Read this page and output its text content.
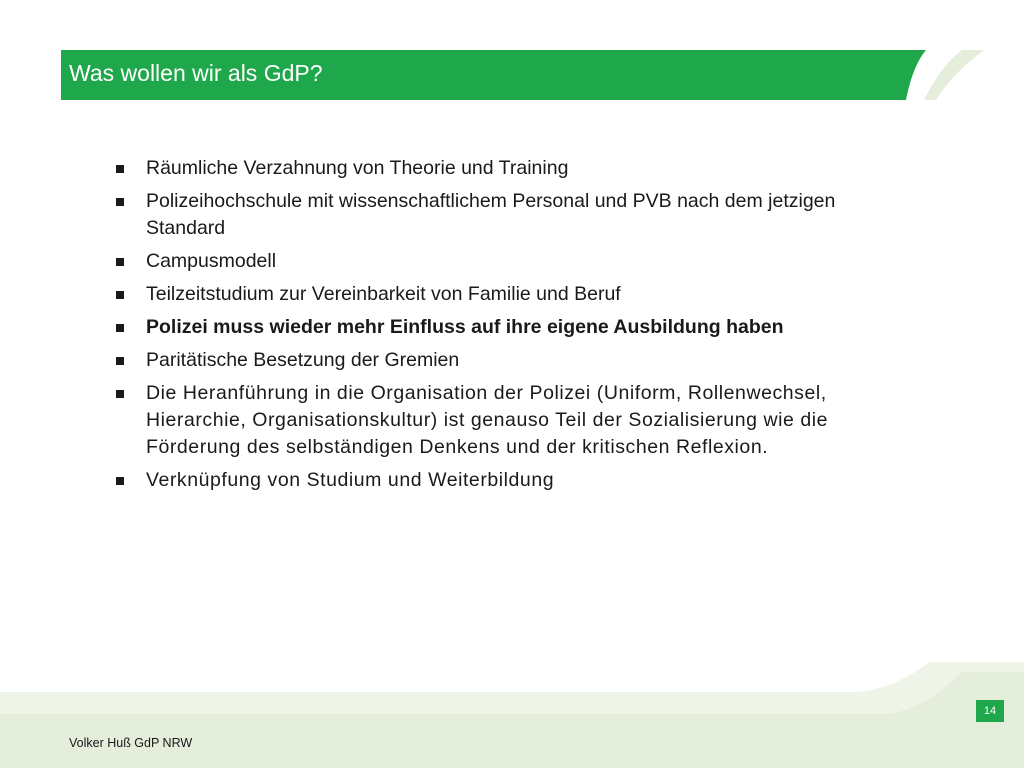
Was wollen wir als GdP?
Räumliche Verzahnung von Theorie und Training
Polizeihochschule mit wissenschaftlichem Personal und PVB nach dem jetzigen Standard
Campusmodell
Teilzeitstudium zur Vereinbarkeit von Familie und Beruf
Polizei muss wieder mehr Einfluss auf ihre eigene Ausbildung haben
Paritätische Besetzung der Gremien
Die Heranführung in die Organisation der Polizei (Uniform, Rollenwechsel, Hierarchie, Organisationskultur) ist genauso Teil der Sozialisierung wie die Förderung des selbständigen Denkens und der kritischen Reflexion.
Verknüpfung von Studium und Weiterbildung
14
Volker Huß GdP NRW
